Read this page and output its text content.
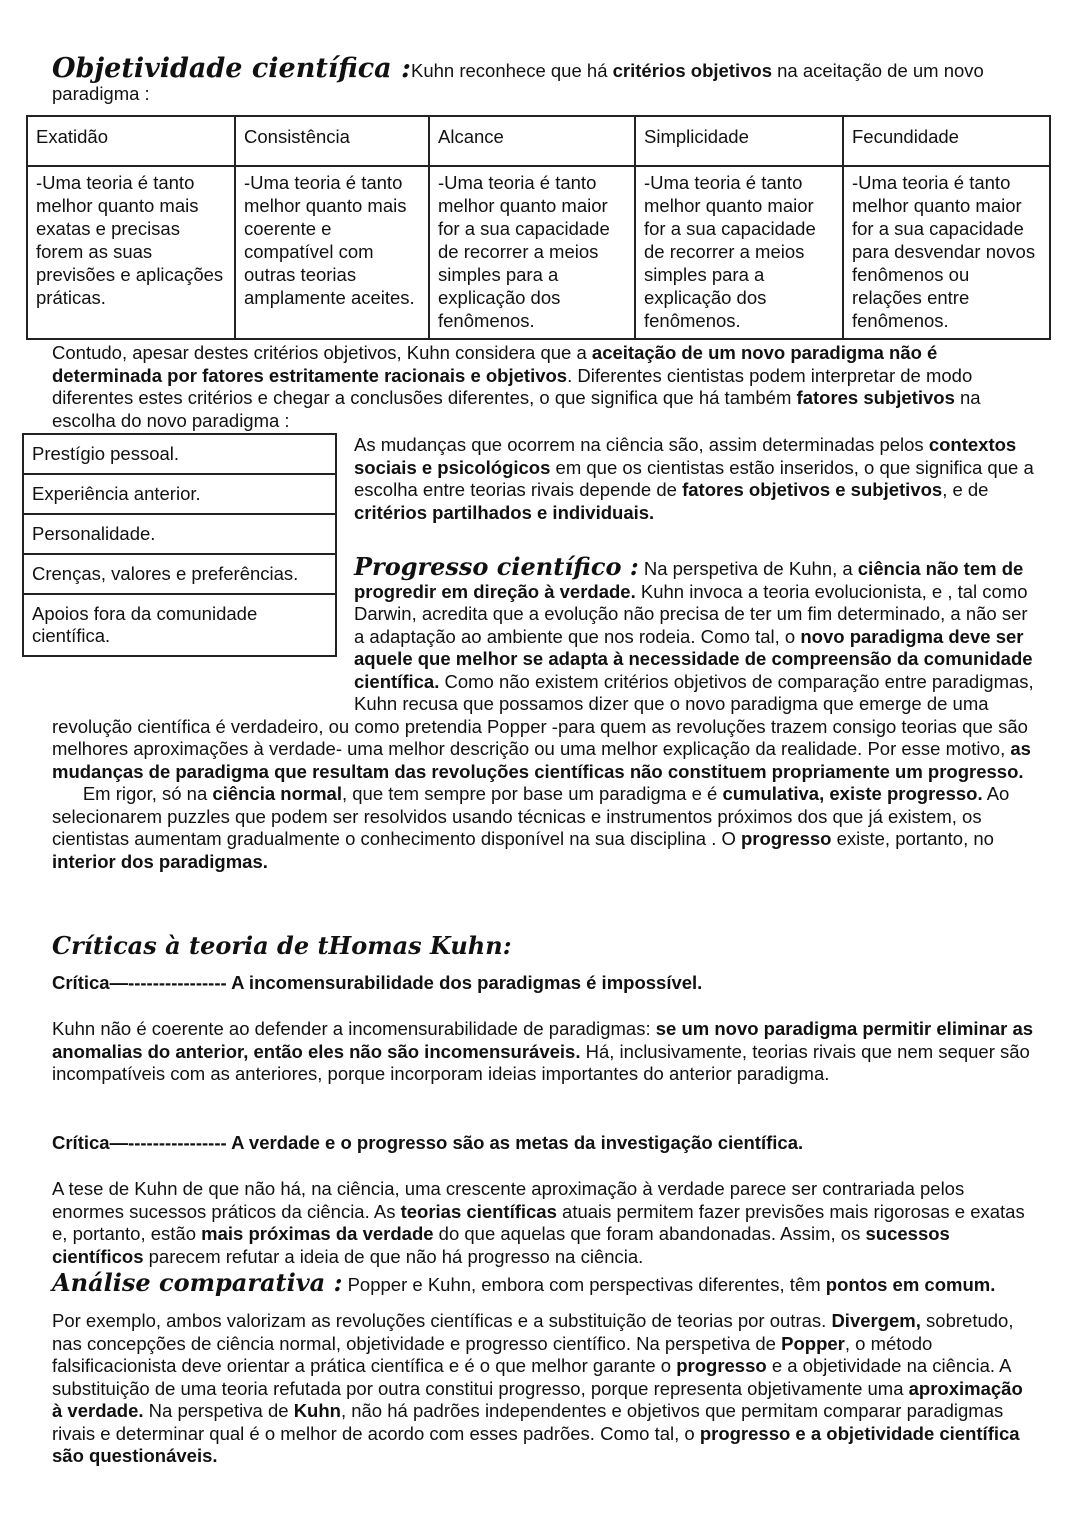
Objetividade científica :Kuhn reconhece que há critérios objetivos na aceitação de um novo paradigma :
Exatidão	Consistência	Alcance	Simplicidade	Fecundidade
-Uma teoria é tanto melhor quanto mais exatas e precisas forem as suas previsões e aplicações práticas.	-Uma teoria é tanto melhor quanto mais coerente e compatível com outras teorias amplamente aceites.	-Uma teoria é tanto melhor quanto maior for a sua capacidade de recorrer a meios simples para a explicação dos fenômenos.	-Uma teoria é tanto melhor quanto maior for a sua capacidade de recorrer a meios simples para a explicação dos fenômenos.	-Uma teoria é tanto melhor quanto maior for a sua capacidade para desvendar novos fenômenos ou relações entre fenômenos.
Contudo, apesar destes critérios objetivos, Kuhn considera que a aceitação de um novo paradigma não é determinada por fatores estritamente racionais e objetivos. Diferentes cientistas podem interpretar de modo diferentes estes critérios e chegar a conclusões diferentes, o que significa que há também fatores subjetivos na escolha do novo paradigma :
Prestígio pessoal.
Experiência anterior.
Personalidade.
Crenças, valores e preferências.
Apoios fora da comunidade científica.
As mudanças que ocorrem na ciência são, assim determinadas pelos contextos sociais e psicológicos em que os cientistas estão inseridos, o que significa que a escolha entre teorias rivais depende de fatores objetivos e subjetivos, e de critérios partilhados e individuais.
Progresso científico : Na perspetiva de Kuhn, a ciência não tem de progredir em direção à verdade. Kuhn invoca a teoria evolucionista, e , tal como Darwin, acredita que a evolução não precisa de ter um fim determinado, a não ser a adaptação ao ambiente que nos rodeia. Como tal, o novo paradigma deve ser aquele que melhor se adapta à necessidade de compreensão da comunidade científica. Como não existem critérios objetivos de comparação entre paradigmas, Kuhn recusa que possamos dizer que o novo paradigma que emerge de uma revolução científica é verdadeiro, ou como pretendia Popper -para quem as revoluções trazem consigo teorias que são melhores aproximações à verdade- uma melhor descrição ou uma melhor explicação da realidade. Por esse motivo, as mudanças de paradigma que resultam das revoluções científicas não constituem propriamente um progresso.
Em rigor, só na ciência normal, que tem sempre por base um paradigma e é cumulativa, existe progresso. Ao selecionarem puzzles que podem ser resolvidos usando técnicas e instrumentos próximos dos que já existem, os cientistas aumentam gradualmente o conhecimento disponível na sua disciplina . O progresso existe, portanto, no interior dos paradigmas.
Críticas à teoria de tHomas Kuhn:
Crítica—---------------- A incomensurabilidade dos paradigmas é impossível.
Kuhn não é coerente ao defender a incomensurabilidade de paradigmas: se um novo paradigma permitir eliminar as anomalias do anterior, então eles não são incomensuráveis. Há, inclusivamente, teorias rivais que nem sequer são incompatíveis com as anteriores, porque incorporam ideias importantes do anterior paradigma.
Crítica—---------------- A verdade e o progresso são as metas da investigação científica.
A tese de Kuhn de que não há, na ciência, uma crescente aproximação à verdade parece ser contrariada pelos enormes sucessos práticos da ciência. As teorias científicas atuais permitem fazer previsões mais rigorosas e exatas e, portanto, estão mais próximas da verdade do que aquelas que foram abandonadas. Assim, os sucessos científicos parecem refutar a ideia de que não há progresso na ciência.
Análise comparativa : Popper e Kuhn, embora com perspectivas diferentes, têm pontos em comum.
Por exemplo, ambos valorizam as revoluções científicas e a substituição de teorias por outras. Divergem, sobretudo, nas concepções de ciência normal, objetividade e progresso científico. Na perspetiva de Popper, o método falsificacionista deve orientar a prática científica e é o que melhor garante o progresso e a objetividade na ciência. A substituição de uma teoria refutada por outra constitui progresso, porque representa objetivamente uma aproximação à verdade. Na perspetiva de Kuhn, não há padrões independentes e objetivos que permitam comparar paradigmas rivais e determinar qual é o melhor de acordo com esses padrões. Como tal, o progresso e a objetividade científica são questionáveis.
